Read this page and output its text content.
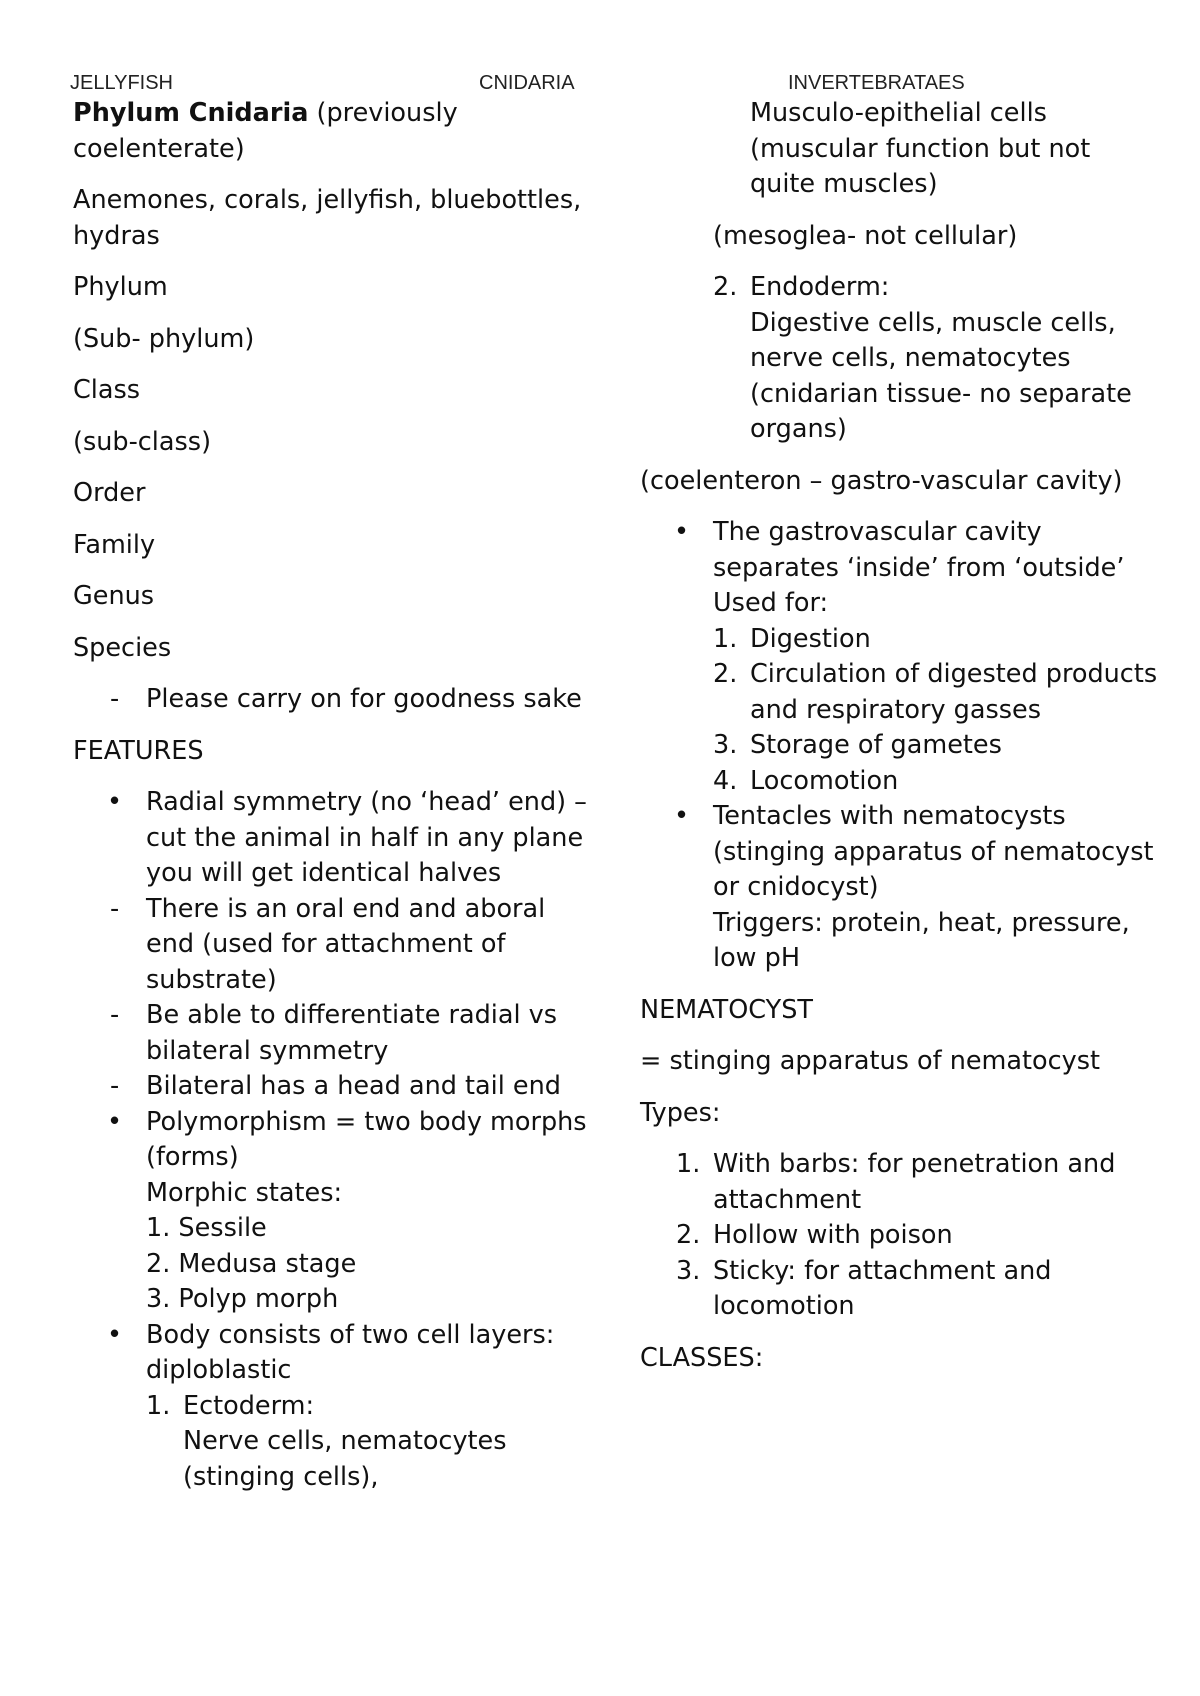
JELLYFISH	CNIDARIA	INVERTEBRATAES

Phylum Cnidaria (previously coelenterate)

Anemones, corals, jellyfish, bluebottles, hydras

Phylum

(Sub- phylum)

Class

(sub-class)

Order

Family

Genus

Species

- Please carry on for goodness sake

FEATURES

• Radial symmetry (no ‘head’ end) – cut the animal in half in any plane you will get identical halves
- There is an oral end and aboral end (used for attachment of substrate)
- Be able to differentiate radial vs bilateral symmetry
- Bilateral has a head and tail end
• Polymorphism = two body morphs (forms)
Morphic states:
1. Sessile
2. Medusa stage
3. Polyp morph
• Body consists of two cell layers: diploblastic
1. Ectoderm:
Nerve cells, nematocytes (stinging cells),
Musculo-epithelial cells (muscular function but not quite muscles)
(mesoglea- not cellular)
2. Endoderm:
Digestive cells, muscle cells, nerve cells, nematocytes
(cnidarian tissue- no separate organs)

(coelenteron – gastro-vascular cavity)

• The gastrovascular cavity separates ‘inside’ from ‘outside’
Used for:
1. Digestion
2. Circulation of digested products and respiratory gasses
3. Storage of gametes
4. Locomotion
• Tentacles with nematocysts (stinging apparatus of nematocyst or cnidocyst)
Triggers: protein, heat, pressure, low pH

NEMATOCYST

= stinging apparatus of nematocyst

Types:

1. With barbs: for penetration and attachment
2. Hollow with poison
3. Sticky: for attachment and locomotion

CLASSES:
